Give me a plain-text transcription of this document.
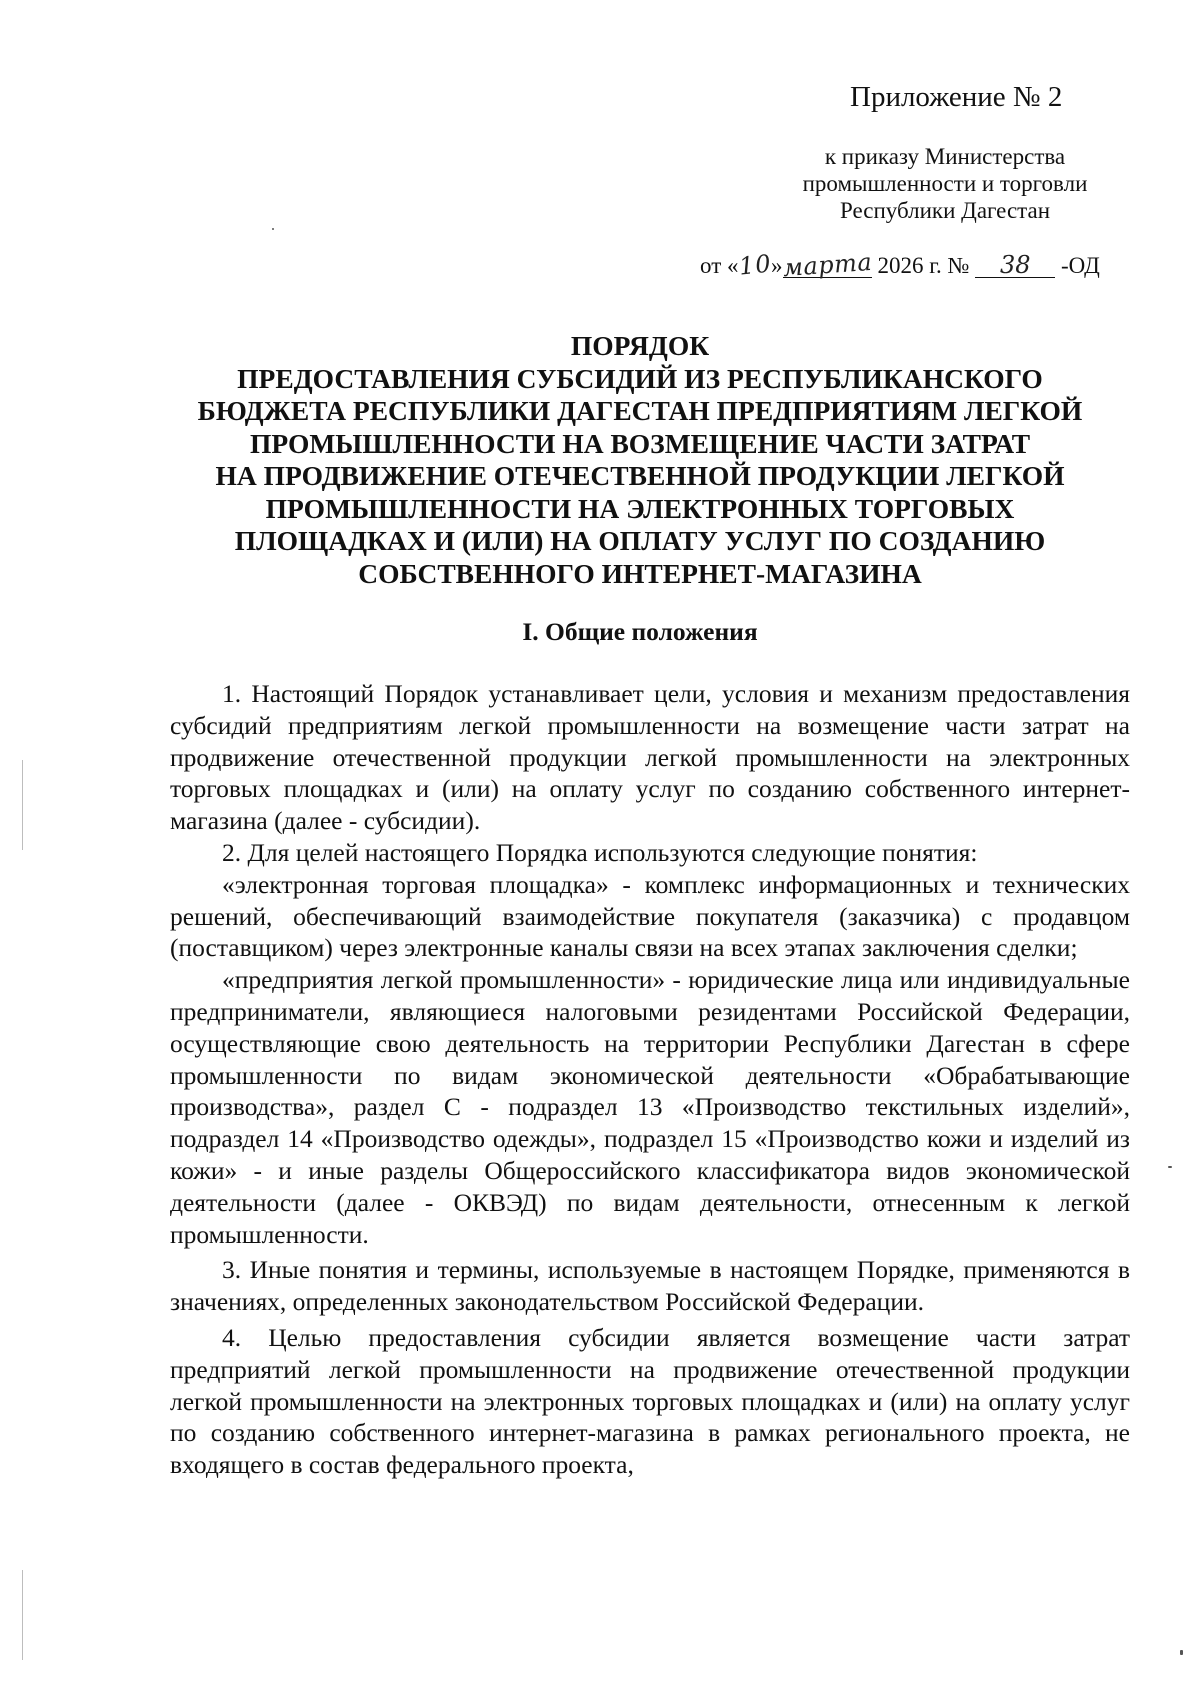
Приложение № 2
к приказу Министерства
промышленности и торговли
Республики Дагестан
от «10»марта 2026 г. № 38 -ОД
ПОРЯДОК
ПРЕДОСТАВЛЕНИЯ СУБСИДИЙ ИЗ РЕСПУБЛИКАНСКОГО
БЮДЖЕТА РЕСПУБЛИКИ ДАГЕСТАН ПРЕДПРИЯТИЯМ ЛЕГКОЙ
ПРОМЫШЛЕННОСТИ НА ВОЗМЕЩЕНИЕ ЧАСТИ ЗАТРАТ
НА ПРОДВИЖЕНИЕ ОТЕЧЕСТВЕННОЙ ПРОДУКЦИИ ЛЕГКОЙ
ПРОМЫШЛЕННОСТИ НА ЭЛЕКТРОННЫХ ТОРГОВЫХ
ПЛОЩАДКАХ И (ИЛИ) НА ОПЛАТУ УСЛУГ ПО СОЗДАНИЮ
СОБСТВЕННОГО ИНТЕРНЕТ-МАГАЗИНА
I. Общие положения

1. Настоящий Порядок устанавливает цели, условия и механизм предоставления субсидий предприятиям легкой промышленности на возмещение части затрат на продвижение отечественной продукции легкой промышленности на электронных торговых площадках и (или) на оплату услуг по созданию собственного интернет-магазина (далее - субсидии).

2. Для целей настоящего Порядка используются следующие понятия:

«электронная торговая площадка» - комплекс информационных и технических решений, обеспечивающий взаимодействие покупателя (заказчика) с продавцом (поставщиком) через электронные каналы связи на всех этапах заключения сделки;

«предприятия легкой промышленности» - юридические лица или индивидуальные предприниматели, являющиеся налоговыми резидентами Российской Федерации, осуществляющие свою деятельность на территории Республики Дагестан в сфере промышленности по видам экономической деятельности «Обрабатывающие производства», раздел С - подраздел 13 «Производство текстильных изделий», подраздел 14 «Производство одежды», подраздел 15 «Производство кожи и изделий из кожи» - и иные разделы Общероссийского классификатора видов экономической деятельности (далее - ОКВЭД) по видам деятельности, отнесенным к легкой промышленности.

3. Иные понятия и термины, используемые в настоящем Порядке, применяются в значениях, определенных законодательством Российской Федерации.

4. Целью предоставления субсидии является возмещение части затрат предприятий легкой промышленности на продвижение отечественной продукции легкой промышленности на электронных торговых площадках и (или) на оплату услуг по созданию собственного интернет-магазина в рамках регионального проекта, не входящего в состав федерального проекта,
